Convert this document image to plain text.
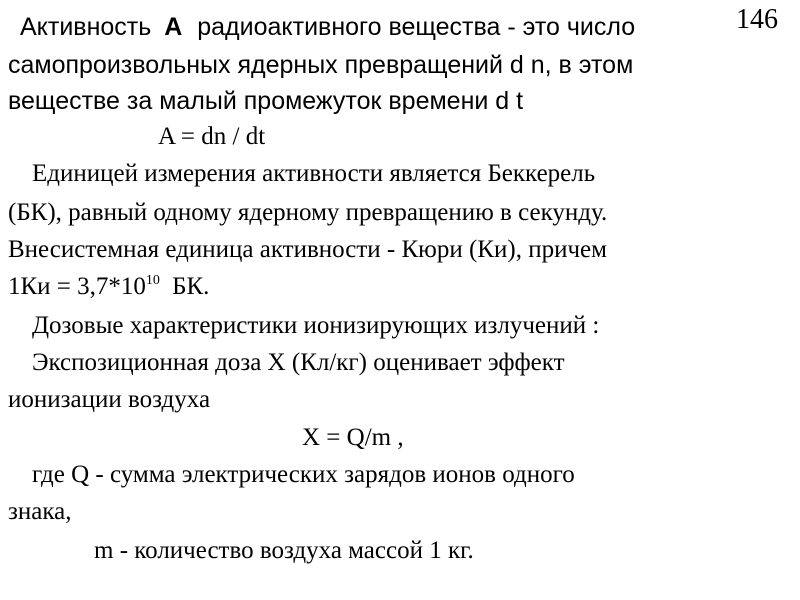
146
Активность А радиоактивного вещества - это число
самопроизвольных ядерных превращений d n, в этом
веществе за малый промежуток времени d t
A = dn / dt
Единицей измерения активности является Беккерель
(БК), равный одному ядерному превращению в секунду.
Внесистемная единица активности - Кюри (Ки), причем
$1Ки = 3,7*10^{10}$ БК.
Дозовые характеристики ионизирующих излучений :
Экспозиционная доза Х (Кл/кг) оценивает эффект
ионизации воздуха
X = Q/m ,
где Q - сумма электрических зарядов ионов одного
знака,
m - количество воздуха массой 1 кг.
